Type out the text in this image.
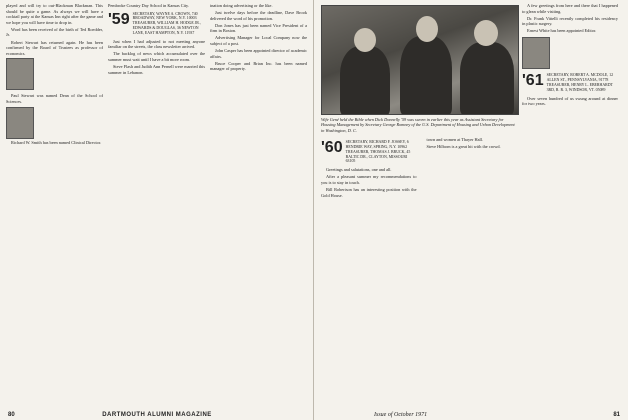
played and will try to out-Blackman Blackman. This should be quite a game. As always we will have a cocktail party at the Kansas Inn right after the game and we hope you will have time to drop in.

Word has been received of the birth of Ted Roedder, Jr.

Robert Stewart has returned again. He has been confirmed by the Board of Trustees as professor of economics.

Paul Stewart was named Dean of the School of Sciences.

Richard W. Smith has been named Clinical Director.

Pembroke Country Day School in Kansas City.

'59 SECRETARY, WAYNE A. CROWN, 740 BROADWAY, NEW YORK, N.Y. 10003
TREASURER, WILLIAM H. HODGE JR., EDWARDS & DOUGLAS, 36 NEWTON LANE, EAST HAMPTON, N.Y. 11937

Just when I had adjusted to not meeting anyone familiar on the streets, the class newsletter arrived.

The backlog of news which accumulated over the summer must wait until I have a bit more room.

Steve Flash and Judith Ann Pernell were married this summer in Lebanon.

ination doing advertising or the like.

Just twelve days before the deadline, Dave Brook delivered the word of his promotion.

Don Jones has just been named Vice President of a firm in Boston.

Advertising Manager for Local Company now the subject of a post.

John Casper has been appointed director of academic affairs.

Bruce Cooper and Brian Inc. has been named manager of property.

80
Wife Gené held the Bible when Dick Donnelly '59 was sworn in earlier this year as Assistant Secretary for Housing Management by Secretary George Romney of the U.S. Department of Housing and Urban Development in Washington, D. C.
'60 SECRETARY, RICHARD F. JOSSEY, 6 HENDRIE WAY, SPRING, N.Y. 10962
TREASURER, THOMAS J. BRUCK, 45 BALTIC DR., CLAYTON, MISSOURI 63105

Greetings and salutations, one and all.

After a pleasant summer my recommendations to you is to stay in touch.

Bill Robertson has an interesting position with the Gold House.

town and women at Thayer Hall.

Steve Hilborn is a great hit with the crowd.

A few greetings from here and there that I happened to glean while visiting.

Dr. Frank Vittelli recently completed his residency in plastic surgery.

Ernest White has been appointed Editor.

'61 SECRETARY, ROBERT A. MCDOLE, 12 ALLEN ST., PENNSYLVANIA, 91778
TREASURER, HENRY L. EBERHARDT 3RD, R. R. 3, WINDSOR, VT. 05089

Over seven hundred of us swung around at dinner for two years.

Issue of October 1971	81
DARTMOUTH ALUMNI MAGAZINE
